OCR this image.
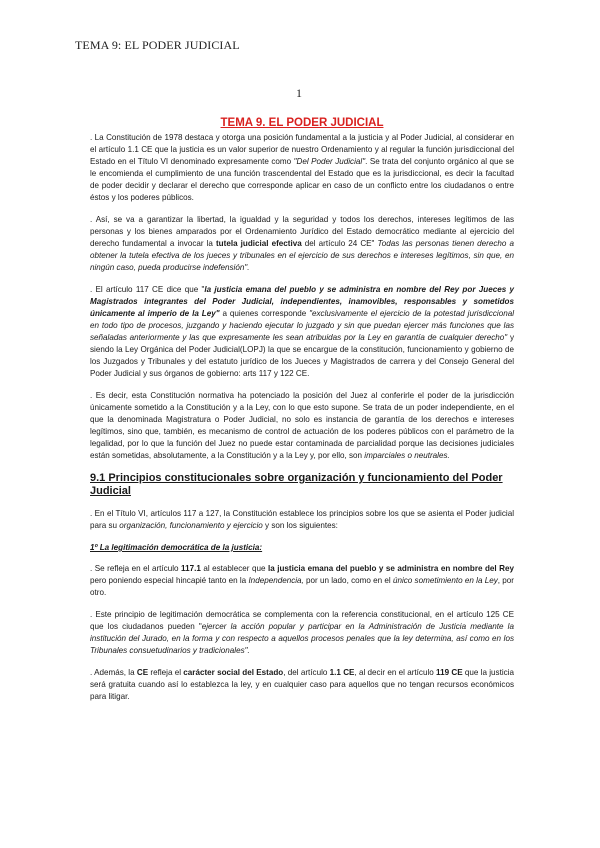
TEMA 9: EL PODER JUDICIAL
1
TEMA 9. EL PODER JUDICIAL

. La Constitución de 1978 destaca y otorga una posición fundamental a la justicia y al Poder Judicial, al considerar en el artículo 1.1 CE que la justicia es un valor superior de nuestro Ordenamiento y al regular la función jurisdiccional del Estado en el Título VI denominado expresamente como "Del Poder Judicial". Se trata del conjunto orgánico al que se le encomienda el cumplimiento de una función trascendental del Estado que es la jurisdiccional, es decir la facultad de poder decidir y declarar el derecho que corresponde aplicar en caso de un conflicto entre los ciudadanos o entre éstos y los poderes públicos.

. Así, se va a garantizar la libertad, la igualdad y la seguridad y todos los derechos, intereses legítimos de las personas y los bienes amparados por el Ordenamiento Jurídico del Estado democrático mediante al ejercicio del derecho fundamental a invocar la tutela judicial efectiva del artículo 24 CE" Todas las personas tienen derecho a obtener la tutela efectiva de los jueces y tribunales en el ejercicio de sus derechos e intereses legítimos, sin que, en ningún caso, pueda producirse indefensión".

. El artículo 117 CE dice que "la justicia emana del pueblo y se administra en nombre del Rey por Jueces y Magistrados integrantes del Poder Judicial, independientes, inamovibles, responsables y sometidos únicamente al imperio de la Ley" a quienes corresponde "exclusivamente el ejercicio de la potestad jurisdiccional en todo tipo de procesos, juzgando y haciendo ejecutar lo juzgado y sin que puedan ejercer más funciones que las señaladas anteriormente y las que expresamente les sean atribuidas por la Ley en garantía de cualquier derecho" y siendo la Ley Orgánica del Poder Judicial(LOPJ) la que se encargue de la constitución, funcionamiento y gobierno de los Juzgados y Tribunales y del estatuto jurídico de los Jueces y Magistrados de carrera y del Consejo General del Poder Judicial y sus órganos de gobierno: arts 117 y 122 CE.

. Es decir, esta Constitución normativa ha potenciado la posición del Juez al conferirle el poder de la jurisdicción únicamente sometido a la Constitución y a la Ley, con lo que esto supone. Se trata de un poder independiente, en el que la denominada Magistratura o Poder Judicial, no solo es instancia de garantía de los derechos e intereses legítimos, sino que, también, es mecanismo de control de actuación de los poderes públicos con el parámetro de la legalidad, por lo que la función del Juez no puede estar contaminada de parcialidad porque las decisiones judiciales están sometidas, absolutamente, a la Constitución y a la Ley y, por ello, son imparciales o neutrales.

9.1 Principios constitucionales sobre organización y funcionamiento del Poder Judicial

. En el Título VI, artículos 117 a 127, la Constitución establece los principios sobre los que se asienta el Poder judicial para su organización, funcionamiento y ejercicio y son los siguientes:

1º La legitimación democrática de la justicia:

. Se refleja en el artículo 117.1 al establecer que la justicia emana del pueblo y se administra en nombre del Rey pero poniendo especial hincapié tanto en la Independencia, por un lado, como en el único sometimiento en la Ley, por otro.

. Este principio de legitimación democrática se complementa con la referencia constitucional, en el artículo 125 CE que los ciudadanos pueden "ejercer la acción popular y participar en la Administración de Justicia mediante la institución del Jurado, en la forma y con respecto a aquellos procesos penales que la ley determina, así como en los Tribunales consuetudinarios y tradicionales".

. Además, la CE refleja el carácter social del Estado, del artículo 1.1 CE, al decir en el artículo 119 CE que la justicia será gratuita cuando así lo establezca la ley, y en cualquier caso para aquellos que no tengan recursos económicos para litigar.
